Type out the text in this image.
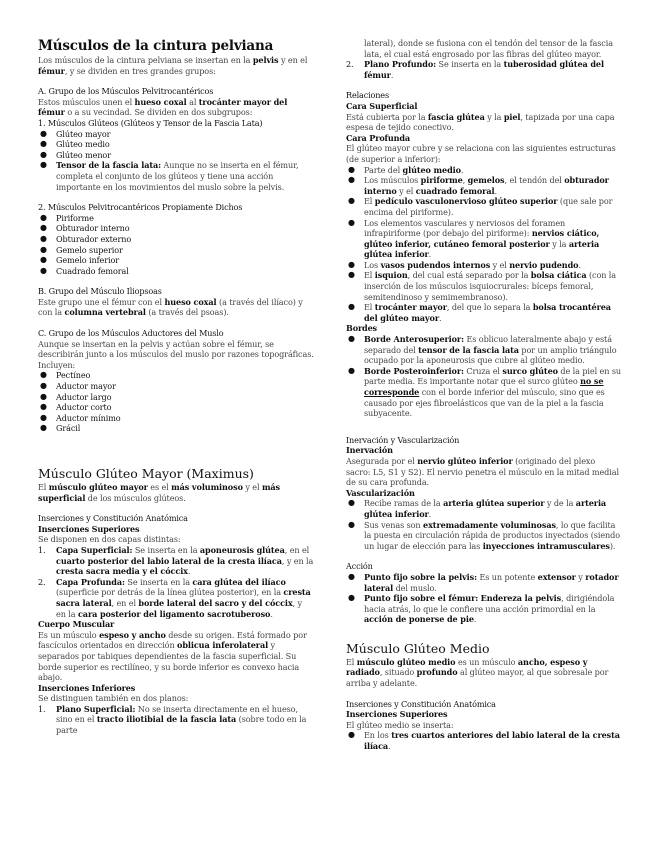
Músculos de la cintura pelviana

Los músculos de la cintura pelviana se insertan en la pelvis y en el fémur, y se dividen en tres grandes grupos:

A. Grupo de los Músculos Pelvitrocantéricos

Estos músculos unen el hueso coxal al trocánter mayor del fémur o a su vecindad. Se dividen en dos subgrupos:

1. Músculos Glúteos (Glúteos y Tensor de la Fascia Lata)
● Glúteo mayor
● Glúteo medio
● Glúteo menor
● Tensor de la fascia lata: Aunque no se inserta en el fémur, completa el conjunto de los glúteos y tiene una acción importante en los movimientos del muslo sobre la pelvis.
2. Músculos Pelvitrocantéricos Propiamente Dichos
● Piriforme
● Obturador interno
● Obturador externo
● Gemelo superior
● Gemelo inferior
● Cuadrado femoral
B. Grupo del Músculo Iliopsoas

Este grupo une el fémur con el hueso coxal (a través del ilíaco) y con la columna vertebral (a través del psoas).

C. Grupo de los Músculos Aductores del Muslo

Aunque se insertan en la pelvis y actúan sobre el fémur, se describirán junto a los músculos del muslo por razones topográficas. Incluyen:

● Pectíneo
● Aductor mayor
● Aductor largo
● Aductor corto
● Aductor mínimo
● Grácil
Músculo Glúteo Mayor (Maximus)

El músculo glúteo mayor es el más voluminoso y el más superficial de los músculos glúteos.

Inserciones y Constitución Anatómica
Inserciones Superiores

Se disponen en dos capas distintas:

1. Capa Superficial: Se inserta en la aponeurosis glútea, en el cuarto posterior del labio lateral de la cresta ilíaca, y en la cresta sacra media y el cóccix.
2. Capa Profunda: Se inserta en la cara glútea del ilíaco (superficie por detrás de la línea glútea posterior), en la cresta sacra lateral, en el borde lateral del sacro y del cóccix, y en la cara posterior del ligamento sacrotuberoso.
Cuerpo Muscular

Es un músculo espeso y ancho desde su origen. Está formado por fascículos orientados en dirección oblicua inferolateral y separados por tabiques dependientes de la fascia superficial. Su borde superior es rectilíneo, y su borde inferior es convexo hacia abajo.

Inserciones Inferiores

Se distinguen también en dos planos:

1. Plano Superficial: No se inserta directamente en el hueso, sino en el tracto iliotibial de la fascia lata (sobre todo en la parte
lateral), donde se fusiona con el tendón del tensor de la fascia lata, el cual está engrosado por las fibras del glúteo mayor.
2. Plano Profundo: Se inserta en la tuberosidad glútea del fémur.
Relaciones
Cara Superficial

Está cubierta por la fascia glútea y la piel, tapizada por una capa espesa de tejido conectivo.

Cara Profunda

El glúteo mayor cubre y se relaciona con las siguientes estructuras (de superior a inferior):

● Parte del glúteo medio.
● Los músculos piriforme, gemelos, el tendón del obturador interno y el cuadrado femoral.
● El pedículo vasculonervioso glúteo superior (que sale por encima del piriforme).
● Los elementos vasculares y nerviosos del foramen infrapiriforme (por debajo del piriforme): nervios ciático, glúteo inferior, cutáneo femoral posterior y la arteria glútea inferior.
● Los vasos pudendos internos y el nervio pudendo.
● El isquion, del cual está separado por la bolsa ciática (con la inserción de los músculos isquiocrurales: bíceps femoral, semitendinoso y semimembranoso).
● El trocánter mayor, del que lo separa la bolsa trocantérea del glúteo mayor.
Bordes
● Borde Anterosuperior: Es oblicuo lateralmente abajo y está separado del tensor de la fascia lata por un amplio triángulo ocupado por la aponeurosis que cubre al glúteo medio.
● Borde Posteroinferior: Cruza el surco glúteo de la piel en su parte media. Es importante notar que el surco glúteo no se corresponde con el borde inferior del músculo, sino que es causado por ejes fibroelásticos que van de la piel a la fascia subyacente.
Inervación y Vascularización
Inervación

Asegurada por el nervio glúteo inferior (originado del plexo sacro: L5, S1 y S2). El nervio penetra el músculo en la mitad medial de su cara profunda.

Vascularización
● Recibe ramas de la arteria glútea superior y de la arteria glútea inferior.
● Sus venas son extremadamente voluminosas, lo que facilita la puesta en circulación rápida de productos inyectados (siendo un lugar de elección para las inyecciones intramusculares).
Acción
● Punto fijo sobre la pelvis: Es un potente extensor y rotador lateral del muslo.
● Punto fijo sobre el fémur: Endereza la pelvis, dirigiéndola hacia atrás, lo que le confiere una acción primordial en la acción de ponerse de pie.
Músculo Glúteo Medio

El músculo glúteo medio es un músculo ancho, espeso y radiado, situado profundo al glúteo mayor, al que sobresale por arriba y adelante.

Inserciones y Constitución Anatómica
Inserciones Superiores

El glúteo medio se inserta:

● En los tres cuartos anteriores del labio lateral de la cresta ilíaca.
